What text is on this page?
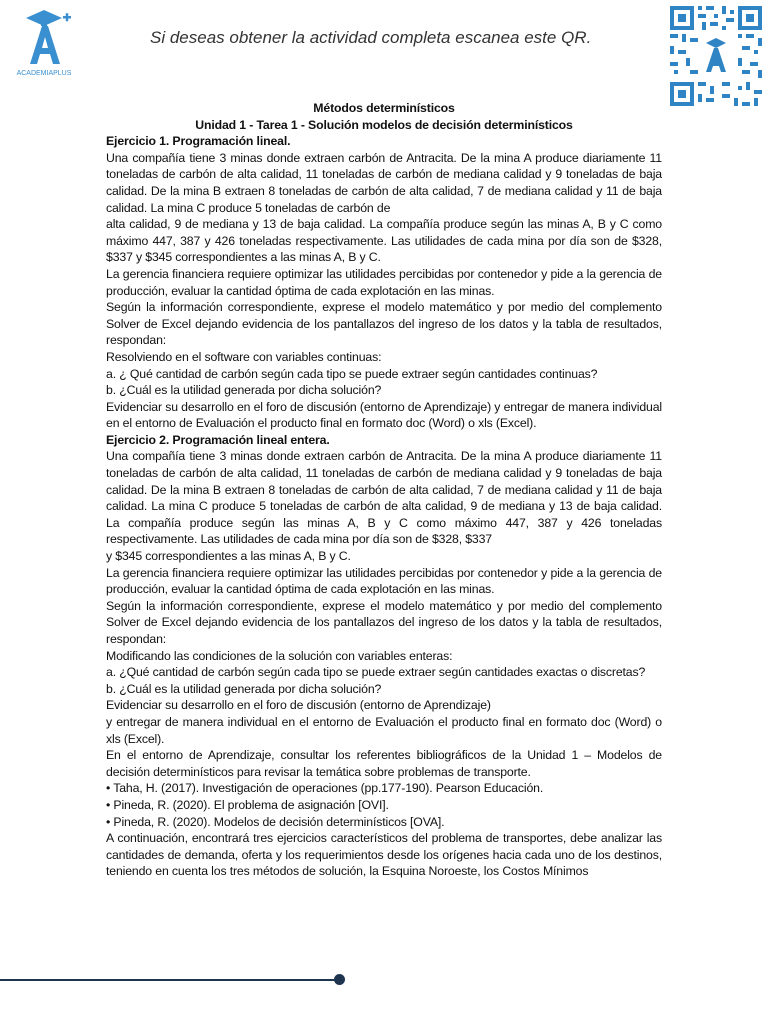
ACADEMIAPLUS
Si deseas obtener la actividad completa escanea este QR.

Métodos determinísticos

Unidad 1 - Tarea 1 - Solución modelos de decisión determinísticos

Ejercicio 1. Programación lineal.

Una compañía tiene 3 minas donde extraen carbón de Antracita. De la mina A produce diariamente 11 toneladas de carbón de alta calidad, 11 toneladas de carbón de mediana calidad y 9 toneladas de baja calidad. De la mina B extraen 8 toneladas de carbón de alta calidad, 7 de mediana calidad y 11 de baja calidad. La mina C produce 5 toneladas de carbón de

alta calidad, 9 de mediana y 13 de baja calidad. La compañía produce según las minas A, B y C como máximo 447, 387 y 426 toneladas respectivamente. Las utilidades de cada mina por día son de $328, $337 y $345 correspondientes a las minas A, B y C.

La gerencia financiera requiere optimizar las utilidades percibidas por contenedor y pide a la gerencia de producción, evaluar la cantidad óptima de cada explotación en las minas.

Según la información correspondiente, exprese el modelo matemático y por medio del complemento Solver de Excel dejando evidencia de los pantallazos del ingreso de los datos y la tabla de resultados, respondan:

Resolviendo en el software con variables continuas:

a. ¿ Qué cantidad de carbón según cada tipo se puede extraer según cantidades continuas?

b. ¿Cuál es la utilidad generada por dicha solución?

Evidenciar su desarrollo en el foro de discusión (entorno de Aprendizaje) y entregar de manera individual en el entorno de Evaluación el producto final en formato doc (Word) o xls (Excel).

Ejercicio 2. Programación lineal entera.

Una compañía tiene 3 minas donde extraen carbón de Antracita. De la mina A produce diariamente 11 toneladas de carbón de alta calidad, 11 toneladas de carbón de mediana calidad y 9 toneladas de baja calidad. De la mina B extraen 8 toneladas de carbón de alta calidad, 7 de mediana calidad y 11 de baja calidad. La mina C produce 5 toneladas de carbón de alta calidad, 9 de mediana y 13 de baja calidad. La compañía produce según las minas A, B y C como máximo 447, 387 y 426 toneladas respectivamente. Las utilidades de cada mina por día son de $328, $337

y $345 correspondientes a las minas A, B y C.

La gerencia financiera requiere optimizar las utilidades percibidas por contenedor y pide a la gerencia de producción, evaluar la cantidad óptima de cada explotación en las minas.

Según la información correspondiente, exprese el modelo matemático y por medio del complemento Solver de Excel dejando evidencia de los pantallazos del ingreso de los datos y la tabla de resultados, respondan:

Modificando las condiciones de la solución con variables enteras:

a. ¿Qué cantidad de carbón según cada tipo se puede extraer según cantidades exactas o discretas?

b. ¿Cuál es la utilidad generada por dicha solución?

Evidenciar su desarrollo en el foro de discusión (entorno de Aprendizaje)

y entregar de manera individual en el entorno de Evaluación el producto final en formato doc (Word) o xls (Excel).

En el entorno de Aprendizaje, consultar los referentes bibliográficos de la Unidad 1 – Modelos de decisión determinísticos para revisar la temática sobre problemas de transporte.

• Taha, H. (2017). Investigación de operaciones (pp.177-190). Pearson Educación.

• Pineda, R. (2020). El problema de asignación [OVI].

• Pineda, R. (2020). Modelos de decisión determinísticos [OVA].

A continuación, encontrará tres ejercicios característicos del problema de transportes, debe analizar las cantidades de demanda, oferta y los requerimientos desde los orígenes hacia cada uno de los destinos, teniendo en cuenta los tres métodos de solución, la Esquina Noroeste, los Costos Mínimos
